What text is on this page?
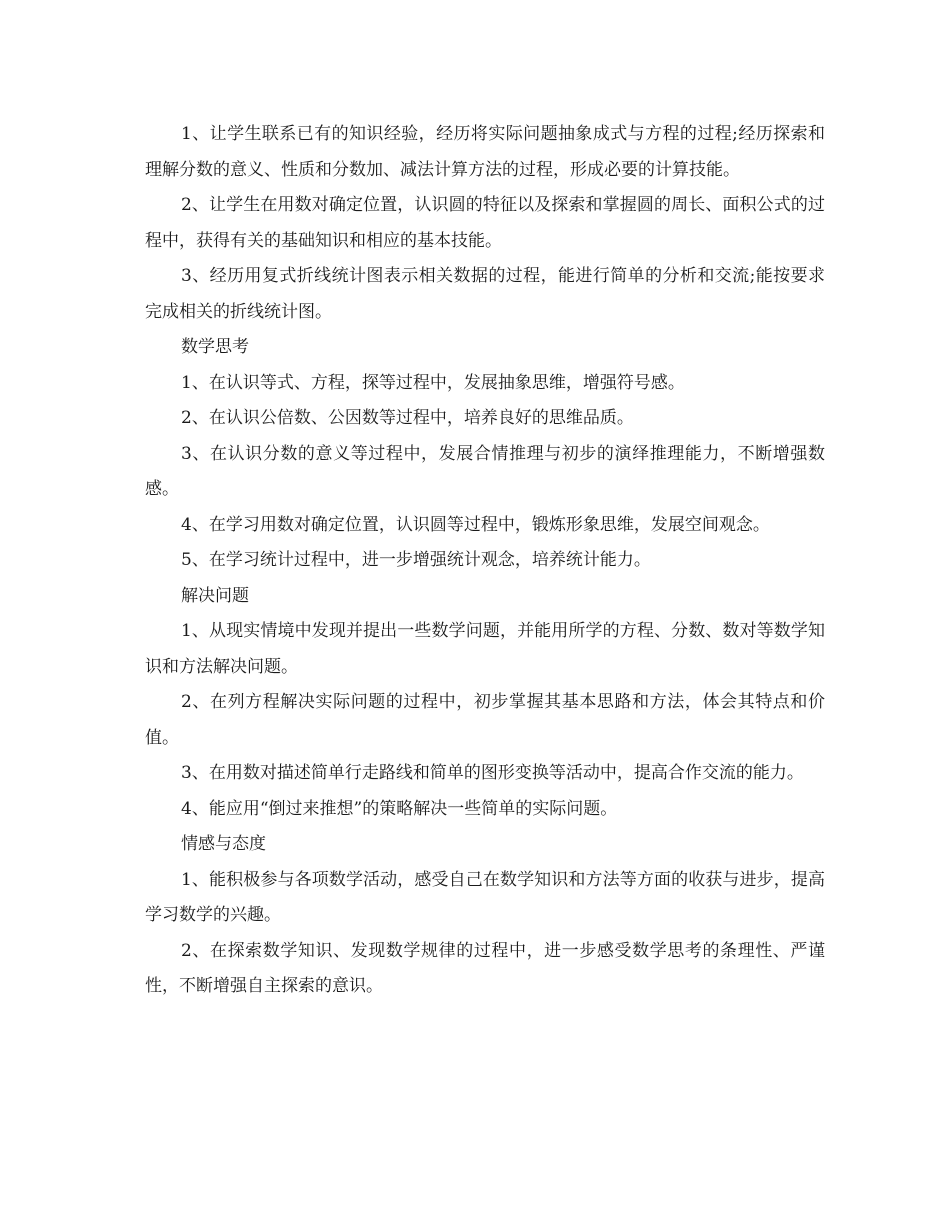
1、让学生联系已有的知识经验，经历将实际问题抽象成式与方程的过程;经历探索和理解分数的意义、性质和分数加、减法计算方法的过程，形成必要的计算技能。

2、让学生在用数对确定位置，认识圆的特征以及探索和掌握圆的周长、面积公式的过程中，获得有关的基础知识和相应的基本技能。

3、经历用复式折线统计图表示相关数据的过程，能进行简单的分析和交流;能按要求完成相关的折线统计图。

数学思考

1、在认识等式、方程，探等过程中，发展抽象思维，增强符号感。

2、在认识公倍数、公因数等过程中，培养良好的思维品质。

3、在认识分数的意义等过程中，发展合情推理与初步的演绎推理能力，不断增强数感。

4、在学习用数对确定位置，认识圆等过程中，锻炼形象思维，发展空间观念。

5、在学习统计过程中，进一步增强统计观念，培养统计能力。

解决问题

1、从现实情境中发现并提出一些数学问题，并能用所学的方程、分数、数对等数学知识和方法解决问题。

2、在列方程解决实际问题的过程中，初步掌握其基本思路和方法，体会其特点和价值。

3、在用数对描述简单行走路线和简单的图形变换等活动中，提高合作交流的能力。

4、能应用“倒过来推想”的策略解决一些简单的实际问题。

情感与态度

1、能积极参与各项数学活动，感受自己在数学知识和方法等方面的收获与进步，提高学习数学的兴趣。

2、在探索数学知识、发现数学规律的过程中，进一步感受数学思考的条理性、严谨性，不断增强自主探索的意识。
